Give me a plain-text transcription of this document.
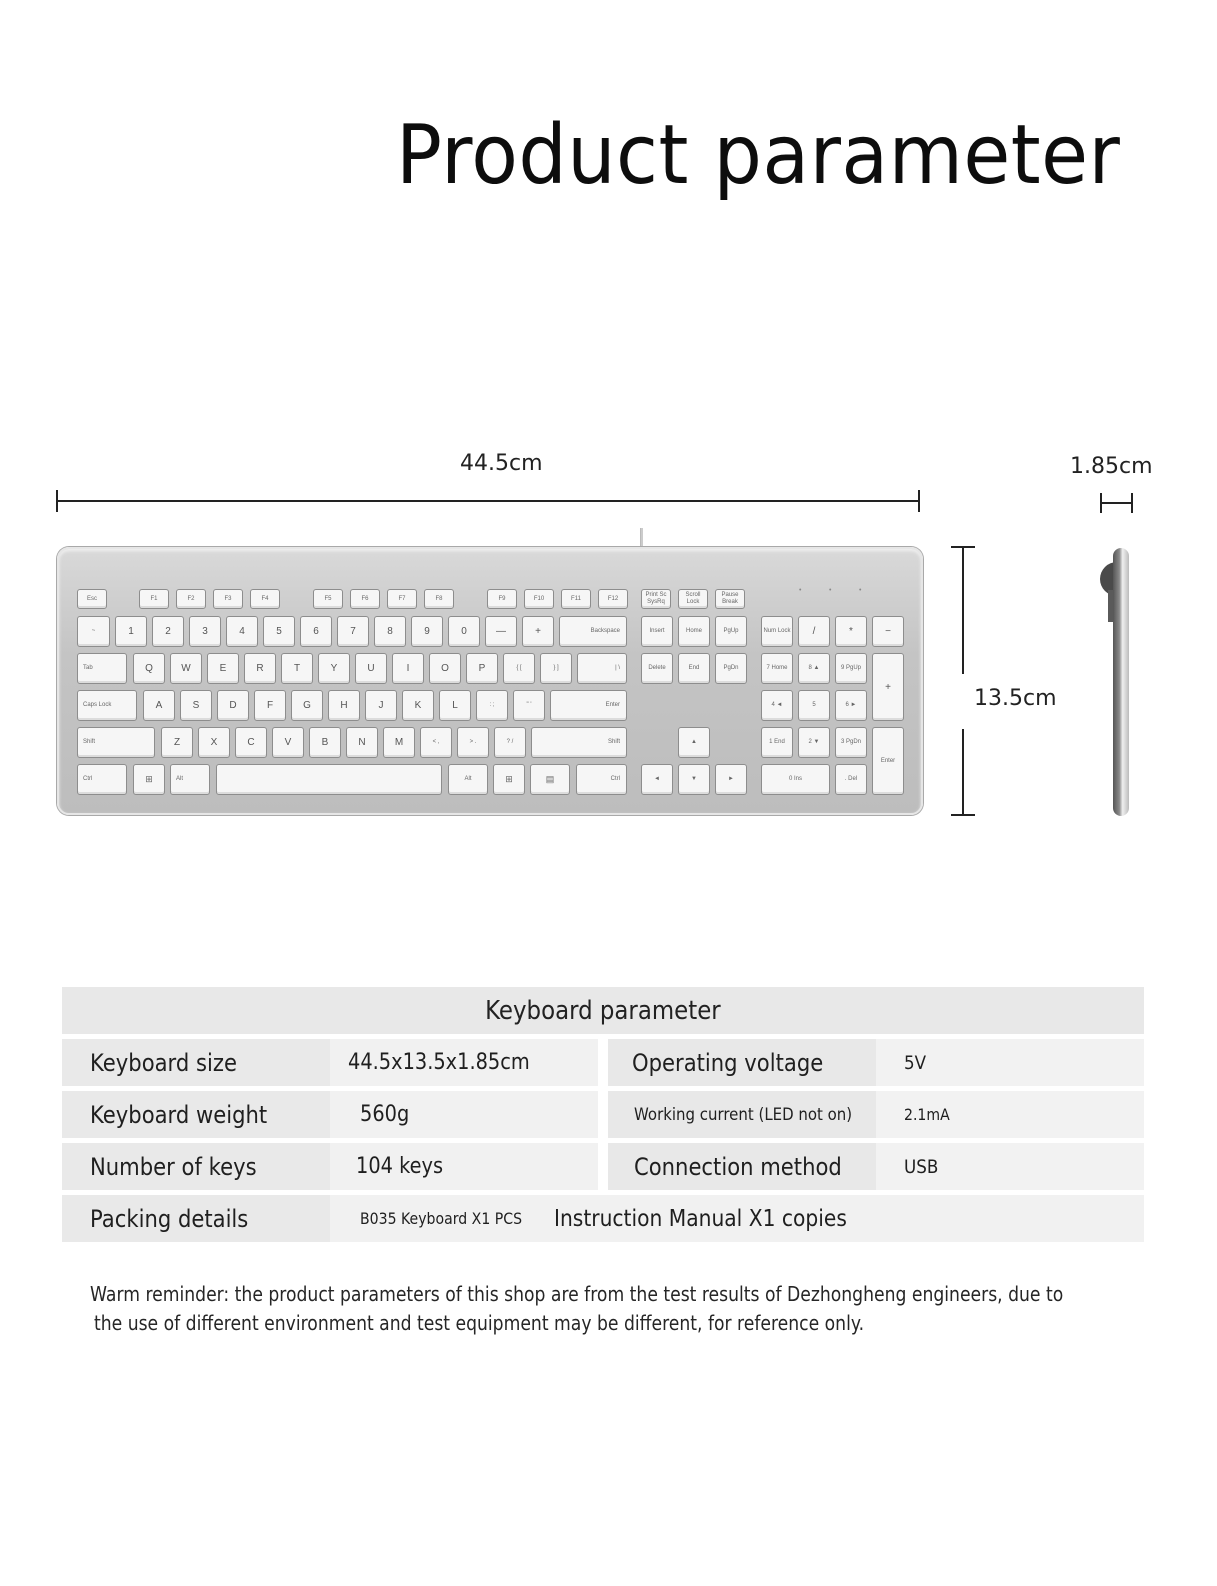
Product parameter
44.5cm	1.85cm
13.5cm
Esc	F1	F2	F3	F4	F5	F6	F7	F8	F9	F10	F11	F12
Print Sc SysRq
Scroll Lock
Pause Break
•	•	•
~	1	2	3	4	5	6	7	8	9	0	—	+	Backspace
Tab	Q	W	E	R	T	Y	U	I	O	P	{ [	} ]	| \
Caps Lock	A	S	D	F	G	H	J	K	L	: ;	" '	Enter
Shift	Z	X	C	V	B	N	M	< ,	> .	? /	Shift
Ctrl	⊞	Alt	Alt	⊞	▤	Ctrl
Insert	Home	PgUp
Delete	End	PgDn
▲
◄	▼	►
Num Lock	/	*	−
7 Home	8 ▲	9 PgUp
+
4 ◄	5	6 ►
1 End	2 ▼	3 PgDn
Enter
0 Ins	. Del
Keyboard parameter
Keyboard size	44.5x13.5x1.85cm	Operating voltage	5V
Keyboard weight	560g	Working current (LED not on)	2.1mA
Number of keys	104 keys	Connection method	USB
Packing details	B035 Keyboard X1 PCS Instruction Manual X1 copies
Warm reminder: the product parameters of this shop are from the test results of Dezhongheng engineers, due to
the use of different environment and test equipment may be different, for reference only.
